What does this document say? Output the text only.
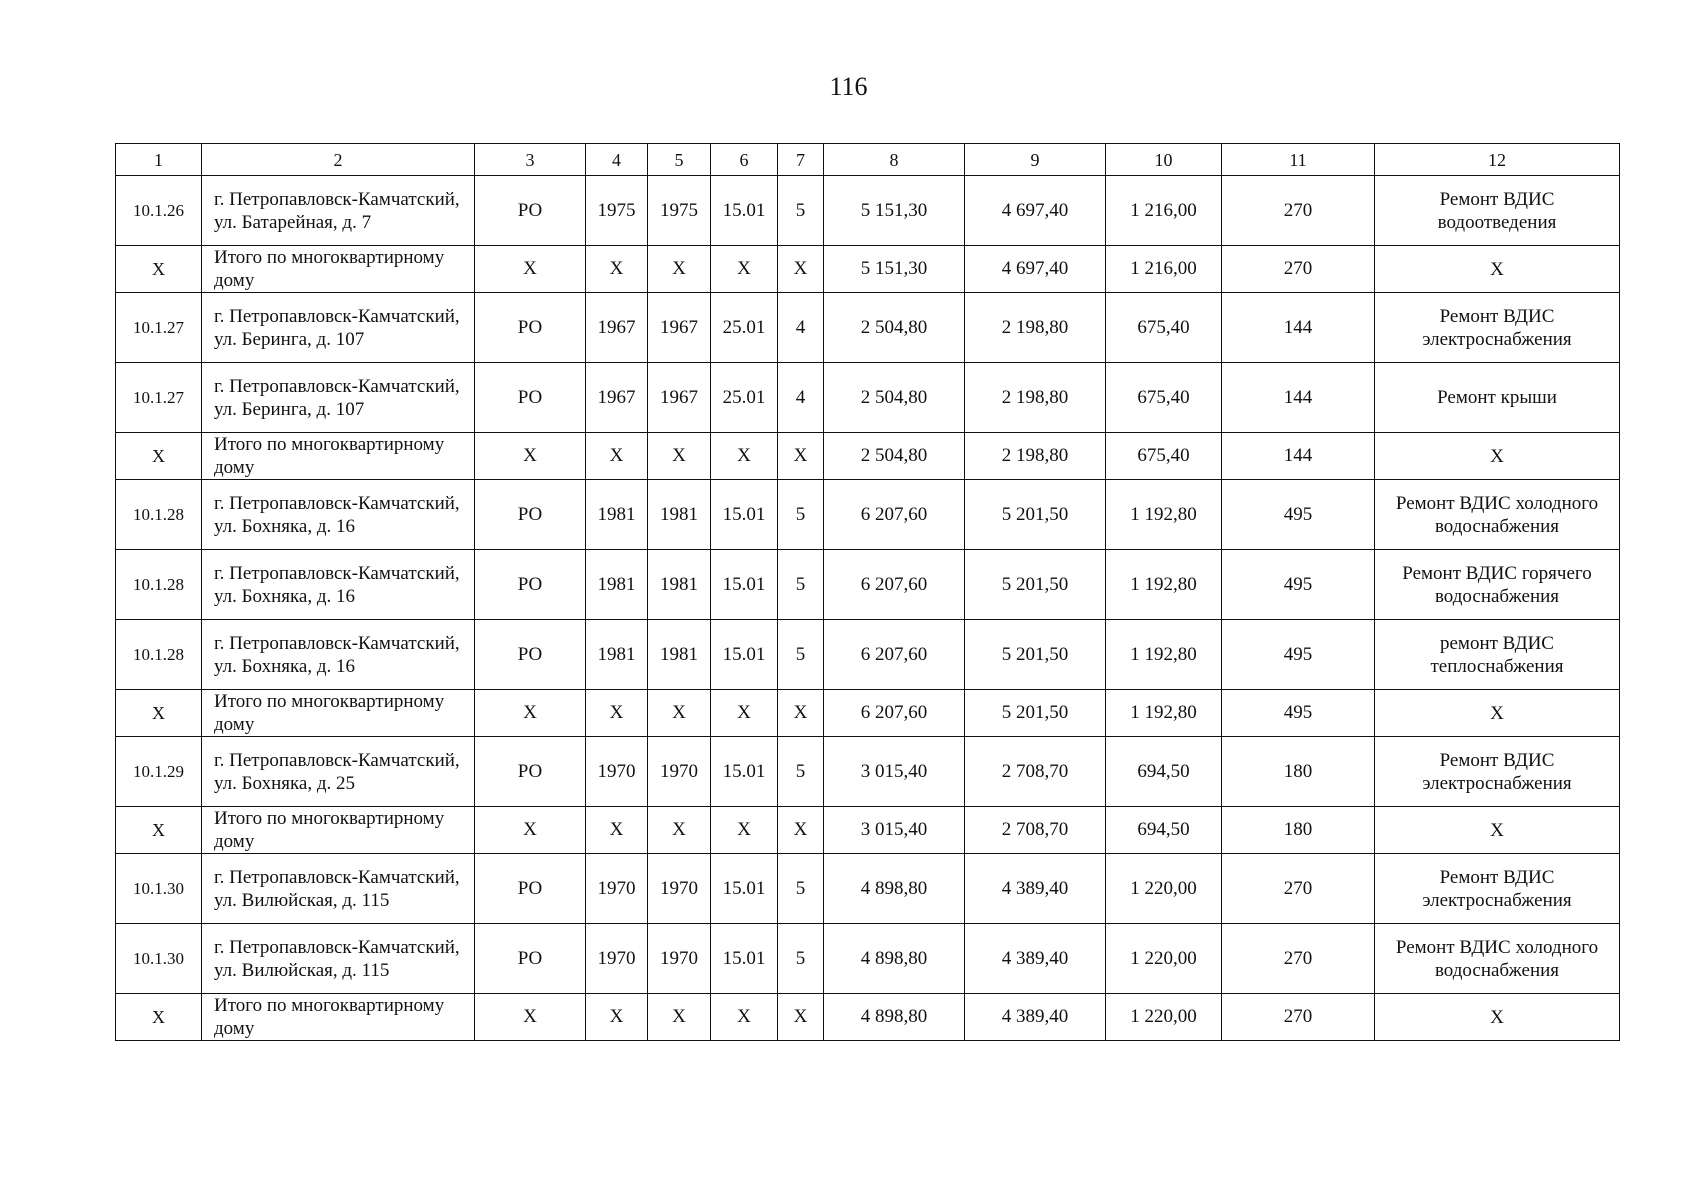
116
1	2	3	4	5	6	7	8	9	10	11	12
10.1.26	г. Петропавловск-Камчатский, ул. Батарейная, д. 7	РО	1975	1975	15.01	5	5 151,30	4 697,40	1 216,00	270	Ремонт ВДИС водоотведения
X	Итого по многоквартирному дому	X	X	X	X	X	5 151,30	4 697,40	1 216,00	270	X
10.1.27	г. Петропавловск-Камчатский, ул. Беринга, д. 107	РО	1967	1967	25.01	4	2 504,80	2 198,80	675,40	144	Ремонт ВДИС электроснабжения
10.1.27	г. Петропавловск-Камчатский, ул. Беринга, д. 107	РО	1967	1967	25.01	4	2 504,80	2 198,80	675,40	144	Ремонт крыши
X	Итого по многоквартирному дому	X	X	X	X	X	2 504,80	2 198,80	675,40	144	X
10.1.28	г. Петропавловск-Камчатский, ул. Бохняка, д. 16	РО	1981	1981	15.01	5	6 207,60	5 201,50	1 192,80	495	Ремонт ВДИС холодного водоснабжения
10.1.28	г. Петропавловск-Камчатский, ул. Бохняка, д. 16	РО	1981	1981	15.01	5	6 207,60	5 201,50	1 192,80	495	Ремонт ВДИС горячего водоснабжения
10.1.28	г. Петропавловск-Камчатский, ул. Бохняка, д. 16	РО	1981	1981	15.01	5	6 207,60	5 201,50	1 192,80	495	ремонт ВДИС теплоснабжения
X	Итого по многоквартирному дому	X	X	X	X	X	6 207,60	5 201,50	1 192,80	495	X
10.1.29	г. Петропавловск-Камчатский, ул. Бохняка, д. 25	РО	1970	1970	15.01	5	3 015,40	2 708,70	694,50	180	Ремонт ВДИС электроснабжения
X	Итого по многоквартирному дому	X	X	X	X	X	3 015,40	2 708,70	694,50	180	X
10.1.30	г. Петропавловск-Камчатский, ул. Вилюйская, д. 115	РО	1970	1970	15.01	5	4 898,80	4 389,40	1 220,00	270	Ремонт ВДИС электроснабжения
10.1.30	г. Петропавловск-Камчатский, ул. Вилюйская, д. 115	РО	1970	1970	15.01	5	4 898,80	4 389,40	1 220,00	270	Ремонт ВДИС холодного водоснабжения
X	Итого по многоквартирному дому	X	X	X	X	X	4 898,80	4 389,40	1 220,00	270	X
